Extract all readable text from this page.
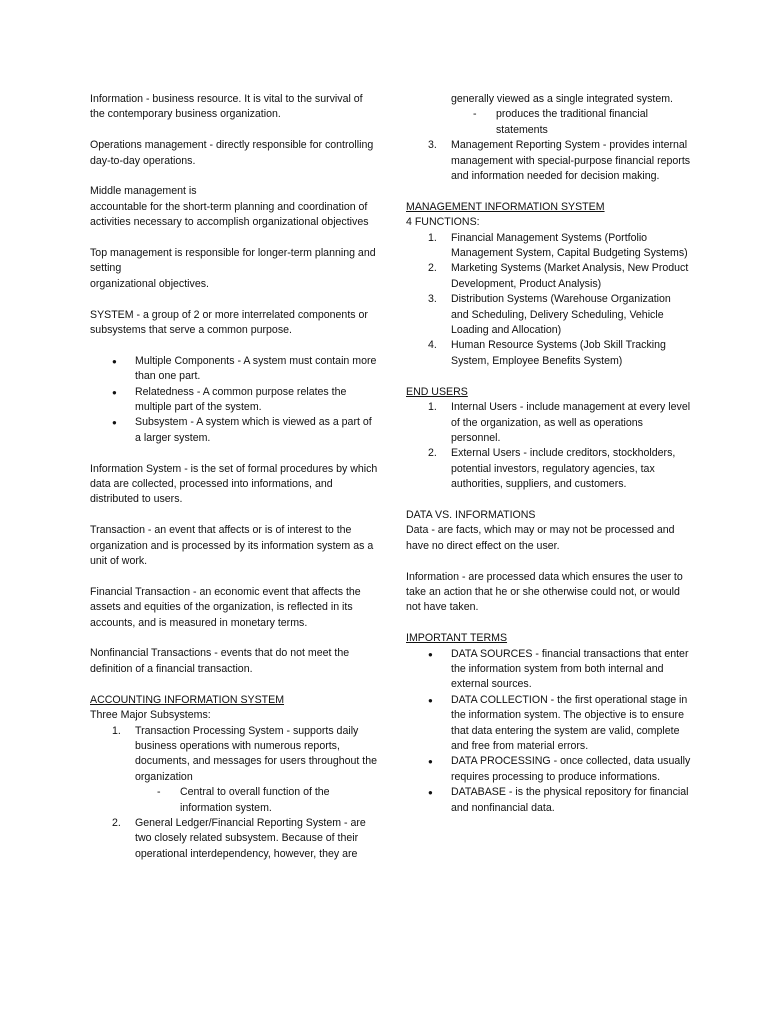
Information - business resource. It is vital to the survival of the contemporary business organization.

Operations management - directly responsible for controlling day-to-day operations.

Middle management is
accountable for the short-term planning and coordination of activities necessary to accomplish organizational objectives

Top management is responsible for longer-term planning and setting
organizational objectives.

SYSTEM - a group of 2 or more interrelated components or subsystems that serve a common purpose.

● Multiple Components - A system must contain more than one part.
● Relatedness - A common purpose relates the multiple part of the system.
● Subsystem - A system which is viewed as a part of a larger system.

Information System - is the set of formal procedures by which data are collected, processed into informations, and distributed to users.

Transaction - an event that affects or is of interest to the organization and is processed by its information system as a unit of work.

Financial Transaction - an economic event that affects the assets and equities of the organization, is reflected in its accounts, and is measured in monetary terms.

Nonfinancial Transactions - events that do not meet the definition of a financial transaction.

ACCOUNTING INFORMATION SYSTEM

Three Major Subsystems:

1. Transaction Processing System - supports daily business operations with numerous reports, documents, and messages for users throughout the organization
- Central to overall function of the information system.
2. General Ledger/Financial Reporting System - are two closely related subsystem. Because of their operational interdependency, however, they are
generally viewed as a single integrated system.
- produces the traditional financial statements
3. Management Reporting System - provides internal management with special-purpose financial reports and information needed for decision making.

MANAGEMENT INFORMATION SYSTEM

4 FUNCTIONS:

1. Financial Management Systems (Portfolio Management System, Capital Budgeting Systems)
2. Marketing Systems (Market Analysis, New Product Development, Product Analysis)
3. Distribution Systems (Warehouse Organization and Scheduling, Delivery Scheduling, Vehicle Loading and Allocation)
4. Human Resource Systems (Job Skill Tracking System, Employee Benefits System)

END USERS

1. Internal Users - include management at every level of the organization, as well as operations personnel.
2. External Users - include creditors, stockholders, potential investors, regulatory agencies, tax authorities, suppliers, and customers.

DATA VS. INFORMATIONS

Data - are facts, which may or may not be processed and have no direct effect on the user.

Information - are processed data which ensures the user to take an action that he or she otherwise could not, or would not have taken.

IMPORTANT TERMS

● DATA SOURCES - financial transactions that enter the information system from both internal and external sources.
● DATA COLLECTION - the first operational stage in the information system. The objective is to ensure that data entering the system are valid, complete and free from material errors.
● DATA PROCESSING - once collected, data usually requires processing to produce informations.
● DATABASE - is the physical repository for financial and nonfinancial data.
